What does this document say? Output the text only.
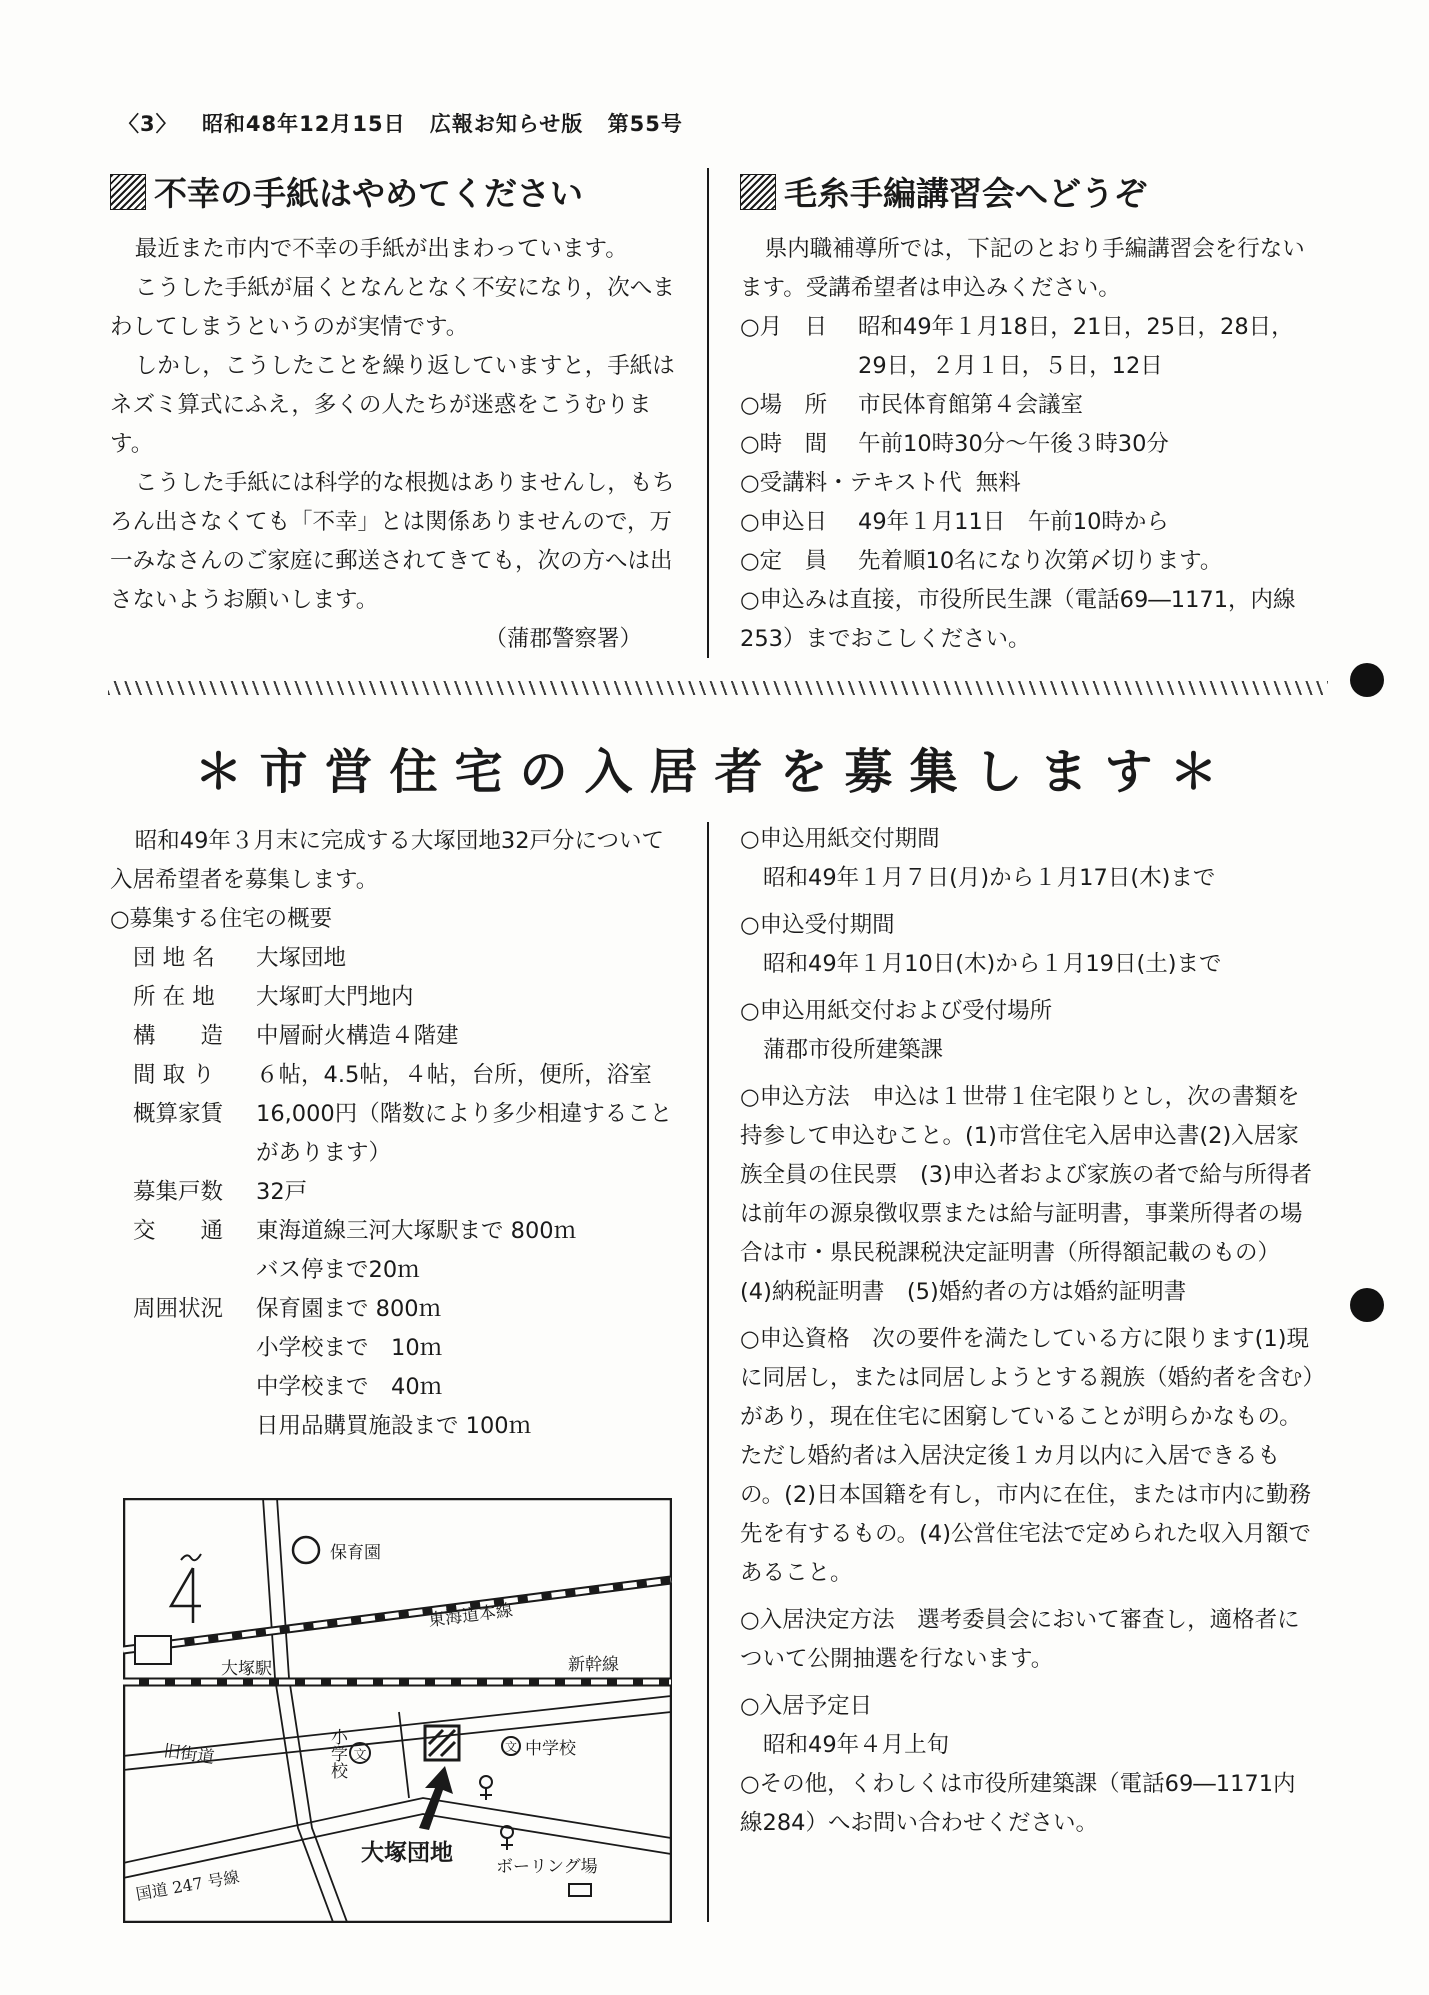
〈3〉 昭和48年12月15日 広報お知らせ版 第55号
不幸の手紙はやめてください

最近また市内で不幸の手紙が出まわっています。

こうした手紙が届くとなんとなく不安になり，次へまわしてしまうというのが実情です。

しかし，こうしたことを繰り返していますと，手紙はネズミ算式にふえ，多くの人たちが迷惑をこうむります。

こうした手紙には科学的な根拠はありませんし，もちろん出さなくても「不幸」とは関係ありませんので，万一みなさんのご家庭に郵送されてきても，次の方へは出さないようお願いします。

（蒲郡警察署）

毛糸手編講習会へどうぞ

県内職補導所では，下記のとおり手編講習会を行ないます。受講希望者は申込みください。

○月　日	昭和49年１月18日，21日，25日，28日，29日，２月１日，５日，12日
○場　所	市民体育館第４会議室
○時　間	午前10時30分～午後３時30分
○受講料・テキスト代 無料
○申込日	49年１月11日　午前10時から
○定　員	先着順10名になり次第〆切ります。

○申込みは直接，市役所民生課（電話69―1171，内線253）までおこしください。

＊市営住宅の入居者を募集します＊

昭和49年３月末に完成する大塚団地32戸分について入居希望者を募集します。

○募集する住宅の概要

団 地 名	大塚団地
所 在 地	大塚町大門地内
構　　造	中層耐火構造４階建
間 取 り	６帖，4.5帖，４帖，台所，便所，浴室
概算家賃	16,000円（階数により多少相違することがあります）
募集戸数	32戸
交　　通	東海道線三河大塚駅まで 800ｍ
バス停まで20ｍ
周囲状況	保育園まで 800ｍ
小学校まで　10ｍ
中学校まで　40ｍ
日用品購買施設まで 100ｍ
保育園
東海道本線
大塚駅	新幹線
旧街道
国道 247 号線
小学校 文
文 中学校
大塚団地
ボーリング場

○申込用紙交付期間

昭和49年１月７日(月)から１月17日(木)まで

○申込受付期間

昭和49年１月10日(木)から１月19日(土)まで

○申込用紙交付および受付場所

蒲郡市役所建築課

○申込方法　申込は１世帯１住宅限りとし，次の書類を持参して申込むこと。(1)市営住宅入居申込書(2)入居家族全員の住民票　(3)申込者および家族の者で給与所得者は前年の源泉徴収票または給与証明書，事業所得者の場合は市・県民税課税決定証明書（所得額記載のもの）　(4)納税証明書　(5)婚約者の方は婚約証明書

○申込資格　次の要件を満たしている方に限ります(1)現に同居し，または同居しようとする親族（婚約者を含む）があり，現在住宅に困窮していることが明らかなもの。ただし婚約者は入居決定後１カ月以内に入居できるもの。(2)日本国籍を有し，市内に在住，または市内に勤務先を有するもの。(4)公営住宅法で定められた収入月額であること。

○入居決定方法　選考委員会において審査し，適格者について公開抽選を行ないます。

○入居予定日

昭和49年４月上旬

○その他，くわしくは市役所建築課（電話69―1171内線284）へお問い合わせください。
